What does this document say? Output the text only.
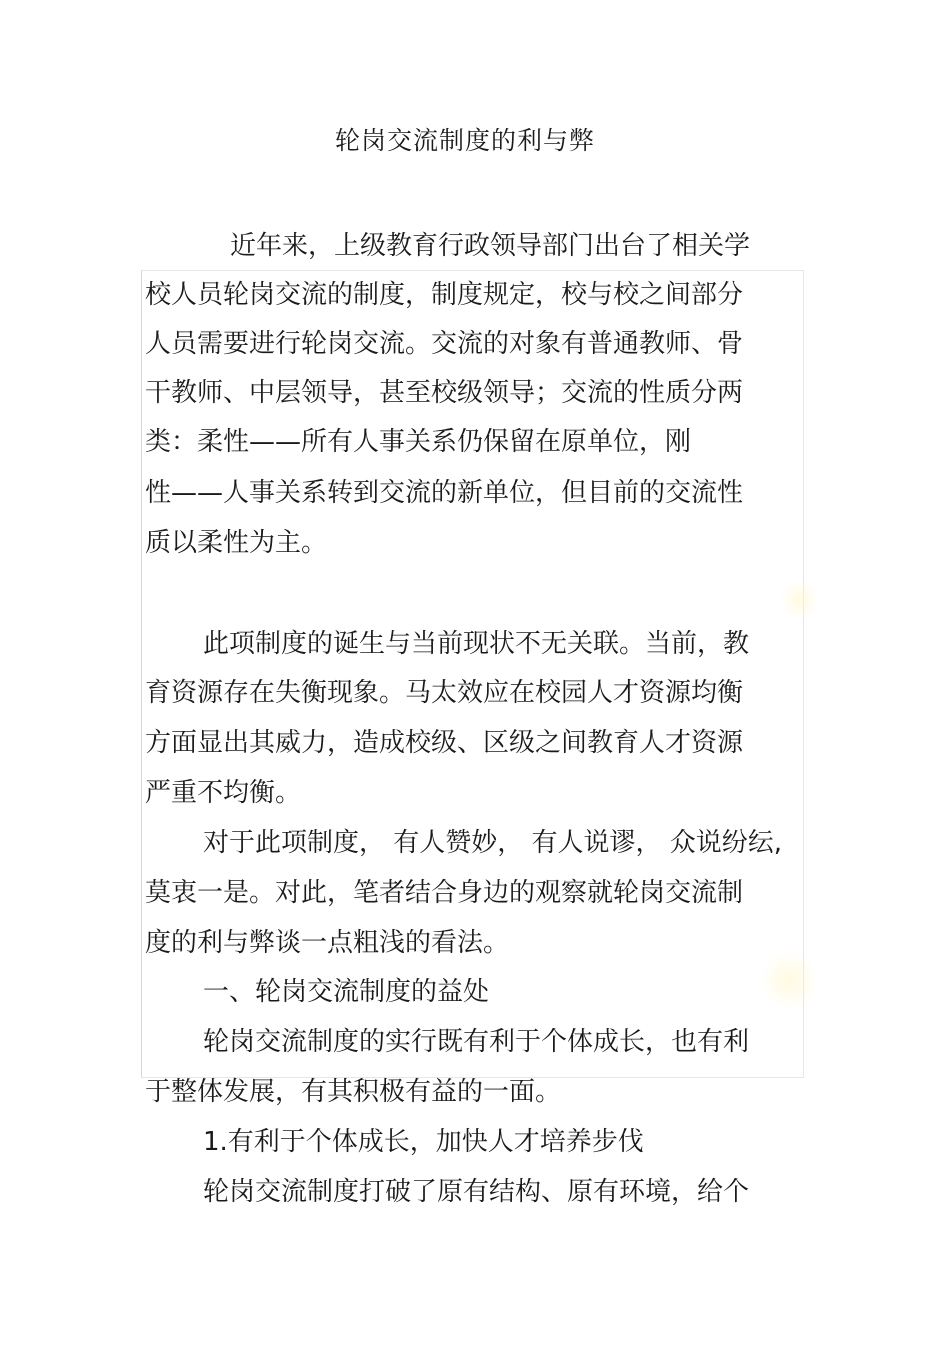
轮岗交流制度的利与弊
近年来，上级教育行政领导部门出台了相关学
校人员轮岗交流的制度，制度规定，校与校之间部分
人员需要进行轮岗交流。交流的对象有普通教师、骨
干教师、中层领导，甚至校级领导；交流的性质分两
类：柔性——所有人事关系仍保留在原单位，刚
性——人事关系转到交流的新单位，但目前的交流性
质以柔性为主。
此项制度的诞生与当前现状不无关联。当前，教
育资源存在失衡现象。马太效应在校园人才资源均衡
方面显出其威力，造成校级、区级之间教育人才资源
严重不均衡。
对于此项制度， 有人赞妙， 有人说谬， 众说纷纭,
莫衷一是。对此，笔者结合身边的观察就轮岗交流制
度的利与弊谈一点粗浅的看法。
一、轮岗交流制度的益处
轮岗交流制度的实行既有利于个体成长，也有利
于整体发展，有其积极有益的一面。
1.有利于个体成长，加快人才培养步伐
轮岗交流制度打破了原有结构、原有环境，给个
